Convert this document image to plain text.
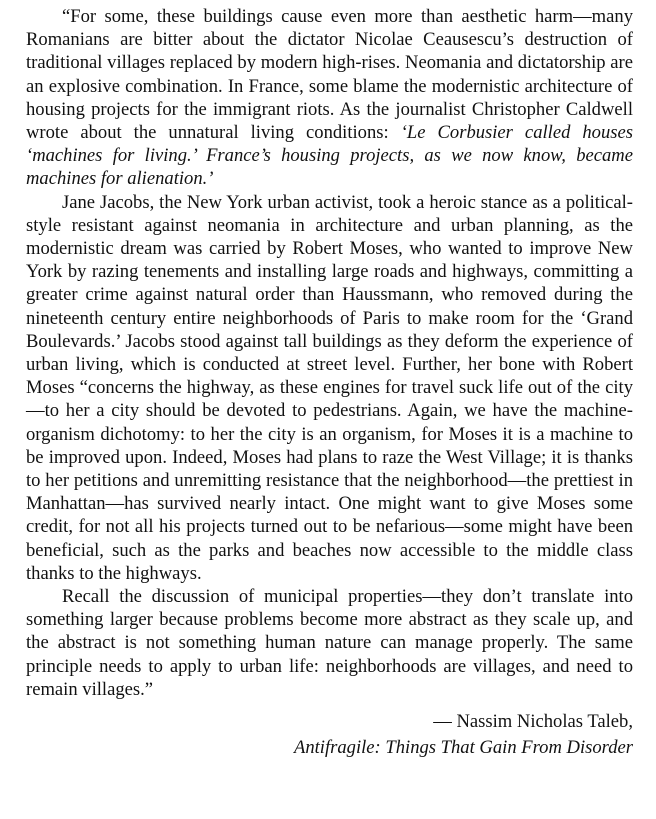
“For some, these buildings cause even more than aesthetic harm—many Romanians are bitter about the dictator Nicolae Ceausescu’s destruction of traditional villages replaced by modern high-rises. Neomania and dictatorship are an explosive combination. In France, some blame the modernistic architecture of housing projects for the immigrant riots. As the journalist Christopher Caldwell wrote about the unnatural living conditions: ‘Le Corbusier called houses ‘machines for living.’ France’s housing projects, as we now know, became machines for alienation.’

Jane Jacobs, the New York urban activist, took a heroic stance as a political-style resistant against neomania in architecture and urban planning, as the modernistic dream was carried by Robert Moses, who wanted to improve New York by razing tenements and installing large roads and highways, committing a greater crime against natural order than Haussmann, who removed during the nineteenth century entire neighborhoods of Paris to make room for the ‘Grand Boulevards.’ Jacobs stood against tall buildings as they deform the experience of urban living, which is conducted at street level. Further, her bone with Robert Moses “concerns the highway, as these engines for travel suck life out of the city—to her a city should be devoted to pedestrians. Again, we have the machine-organism dichotomy: to her the city is an organism, for Moses it is a machine to be improved upon. Indeed, Moses had plans to raze the West Village; it is thanks to her petitions and unremitting resistance that the neighborhood—the prettiest in Manhattan—has survived nearly intact. One might want to give Moses some credit, for not all his projects turned out to be nefarious—some might have been beneficial, such as the parks and beaches now accessible to the middle class thanks to the highways.

Recall the discussion of municipal properties—they don’t translate into something larger because problems become more abstract as they scale up, and the abstract is not something human nature can manage properly. The same principle needs to apply to urban life: neighborhoods are villages, and need to remain villages.”

— Nassim Nicholas Taleb,
Antifragile: Things That Gain From Disorder
